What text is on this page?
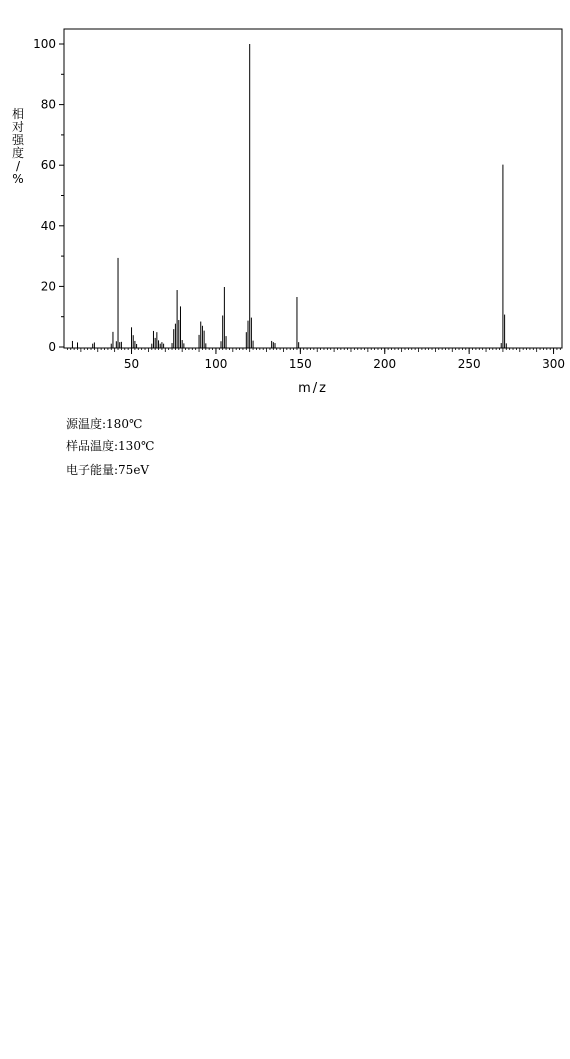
50	100	150	200	250	300
0
20
40
60
80
100
m/z
相
对
强
度
/
%
源温度:180℃
样品温度:130℃
电子能量:75eV
